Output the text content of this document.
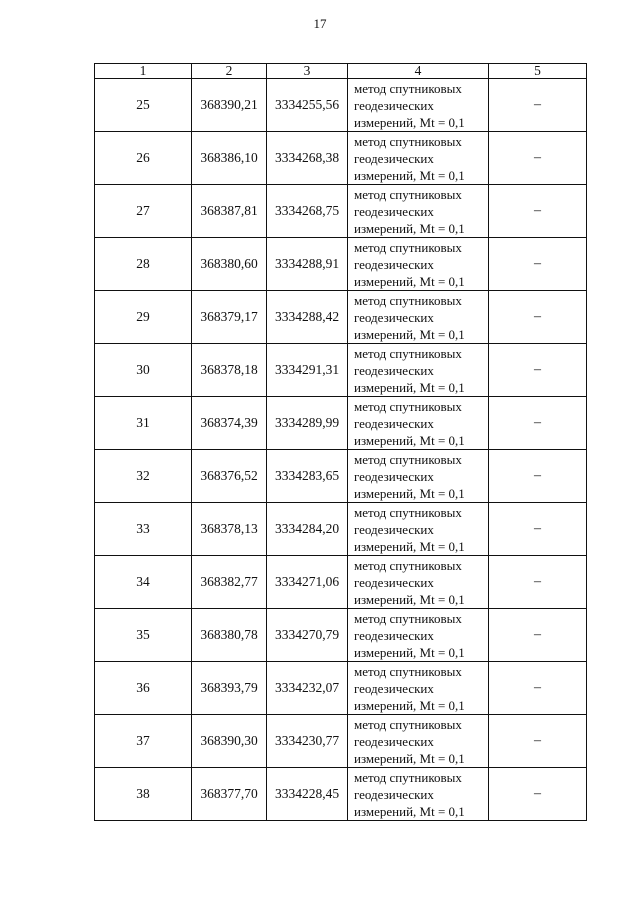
17
1	2	3	4	5
25	368390,21	3334255,56	метод спутниковых
геодезических
измерений, Mt = 0,1	–
26	368386,10	3334268,38	метод спутниковых
геодезических
измерений, Mt = 0,1	–
27	368387,81	3334268,75	метод спутниковых
геодезических
измерений, Mt = 0,1	–
28	368380,60	3334288,91	метод спутниковых
геодезических
измерений, Mt = 0,1	–
29	368379,17	3334288,42	метод спутниковых
геодезических
измерений, Mt = 0,1	–
30	368378,18	3334291,31	метод спутниковых
геодезических
измерений, Mt = 0,1	–
31	368374,39	3334289,99	метод спутниковых
геодезических
измерений, Mt = 0,1	–
32	368376,52	3334283,65	метод спутниковых
геодезических
измерений, Mt = 0,1	–
33	368378,13	3334284,20	метод спутниковых
геодезических
измерений, Mt = 0,1	–
34	368382,77	3334271,06	метод спутниковых
геодезических
измерений, Mt = 0,1	–
35	368380,78	3334270,79	метод спутниковых
геодезических
измерений, Mt = 0,1	–
36	368393,79	3334232,07	метод спутниковых
геодезических
измерений, Mt = 0,1	–
37	368390,30	3334230,77	метод спутниковых
геодезических
измерений, Mt = 0,1	–
38	368377,70	3334228,45	метод спутниковых
геодезических
измерений, Mt = 0,1	–
